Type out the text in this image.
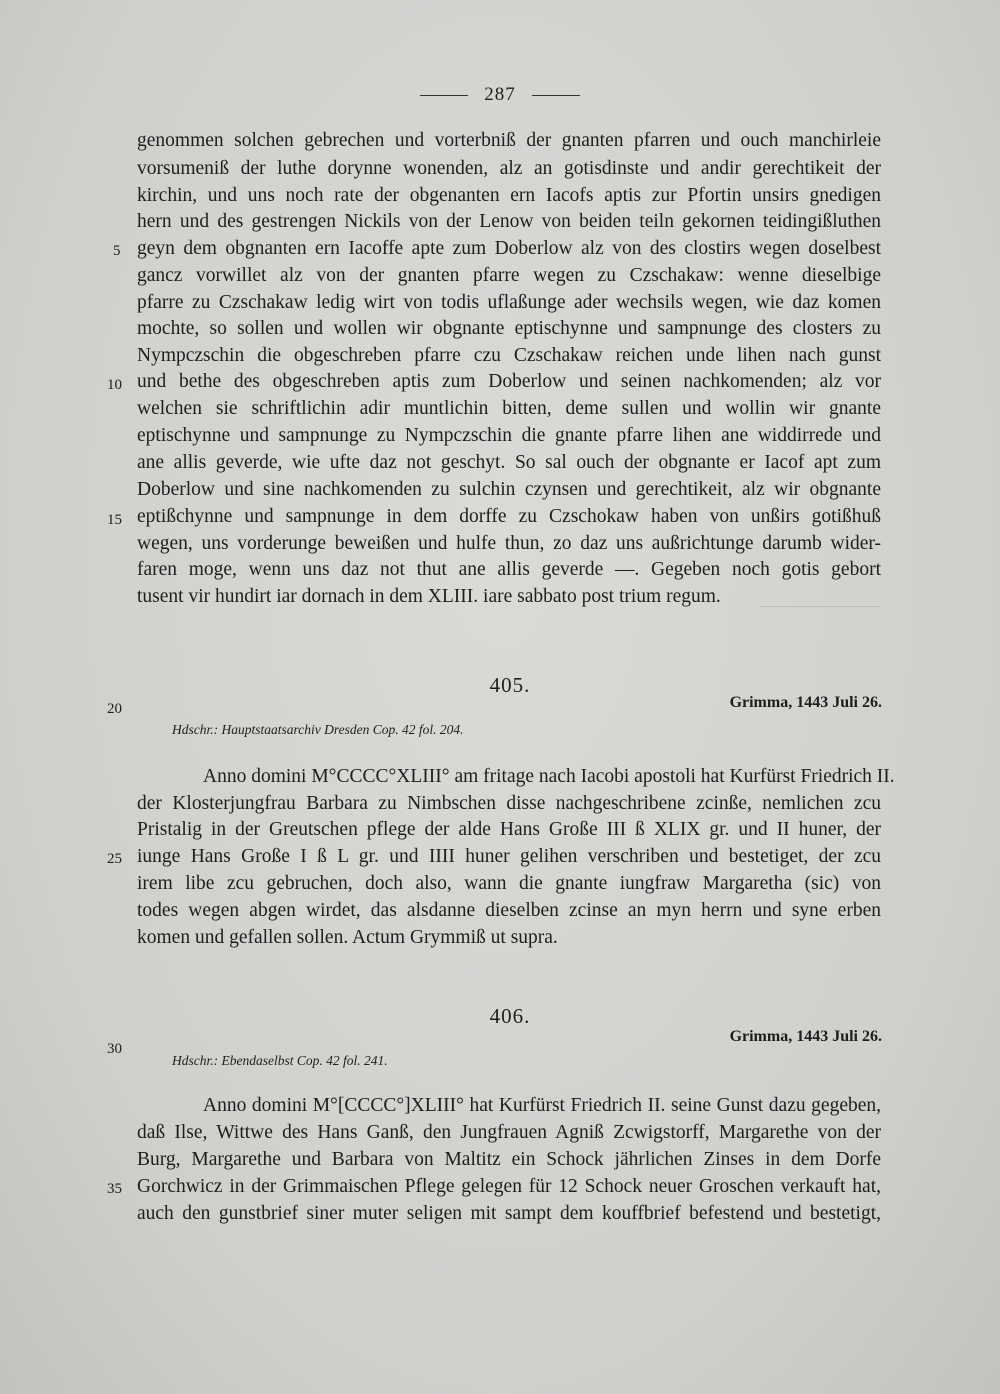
287
genommen solchen gebrechen und vorterbniß der gnanten pfarren und ouch manchirleie
vorsumeniß der luthe dorynne wonenden, alz an gotisdinste und andir gerechtikeit der
kirchin, und uns noch rate der obgenanten ern Iacofs aptis zur Pfortin unsirs gnedigen
hern und des gestrengen Nickils von der Lenow von beiden teiln gekornen teidingißluthen
geyn dem obgnanten ern Iacoffe apte zum Doberlow alz von des clostirs wegen doselbest
gancz vorwillet alz von der gnanten pfarre wegen zu Czschakaw: wenne dieselbige
pfarre zu Czschakaw ledig wirt von todis uflaßunge ader wechsils wegen, wie daz komen
mochte, so sollen und wollen wir obgnante eptischynne und sampnunge des closters zu
Nympczschin die obgeschreben pfarre czu Czschakaw reichen unde lihen nach gunst
und bethe des obgeschreben aptis zum Doberlow und seinen nachkomenden; alz vor
welchen sie schriftlichin adir muntlichin bitten, deme sullen und wollin wir gnante
eptischynne und sampnunge zu Nympczschin die gnante pfarre lihen ane widdirrede und
ane allis geverde, wie ufte daz not geschyt. So sal ouch der obgnante er Iacof apt zum
Doberlow und sine nachkomenden zu sulchin czynsen und gerechtikeit, alz wir obgnante
eptißchynne und sampnunge in dem dorffe zu Czschokaw haben von unßirs gotißhuß
wegen, uns vorderunge beweißen und hulfe thun, zo daz uns außrichtunge darumb wider-
faren moge, wenn uns daz not thut ane allis geverde —. Gegeben noch gotis gebort
tusent vir hundirt iar dornach in dem XLIII. iare sabbato post trium regum.
405.
Grimma, 1443 Juli 26.
Hdschr.: Hauptstaatsarchiv Dresden Cop. 42 fol. 204.
Anno domini M°CCCC°XLIII° am fritage nach Iacobi apostoli hat Kurfürst Friedrich II.
der Klosterjungfrau Barbara zu Nimbschen disse nachgeschribene zcinße, nemlichen zcu
Pristalig in der Greutschen pflege der alde Hans Große III ß XLIX gr. und II huner, der
iunge Hans Große I ß L gr. und IIII huner gelihen verschriben und bestetiget, der zcu
irem libe zcu gebruchen, doch also, wann die gnante iungfraw Margaretha (sic) von
todes wegen abgen wirdet, das alsdanne dieselben zcinse an myn herrn und syne erben
komen und gefallen sollen. Actum Grymmiß ut supra.
406.
Grimma, 1443 Juli 26.
Hdschr.: Ebendaselbst Cop. 42 fol. 241.
Anno domini M°[CCCC°]XLIII° hat Kurfürst Friedrich II. seine Gunst dazu gegeben,
daß Ilse, Wittwe des Hans Ganß, den Jungfrauen Agniß Zcwigstorff, Margarethe von der
Burg, Margarethe und Barbara von Maltitz ein Schock jährlichen Zinses in dem Dorfe
Gorchwicz in der Grimmaischen Pflege gelegen für 12 Schock neuer Groschen verkauft hat,
auch den gunstbrief siner muter seligen mit sampt dem kouffbrief befestend und bestetigt,
5
10
15
20
25
30
35
